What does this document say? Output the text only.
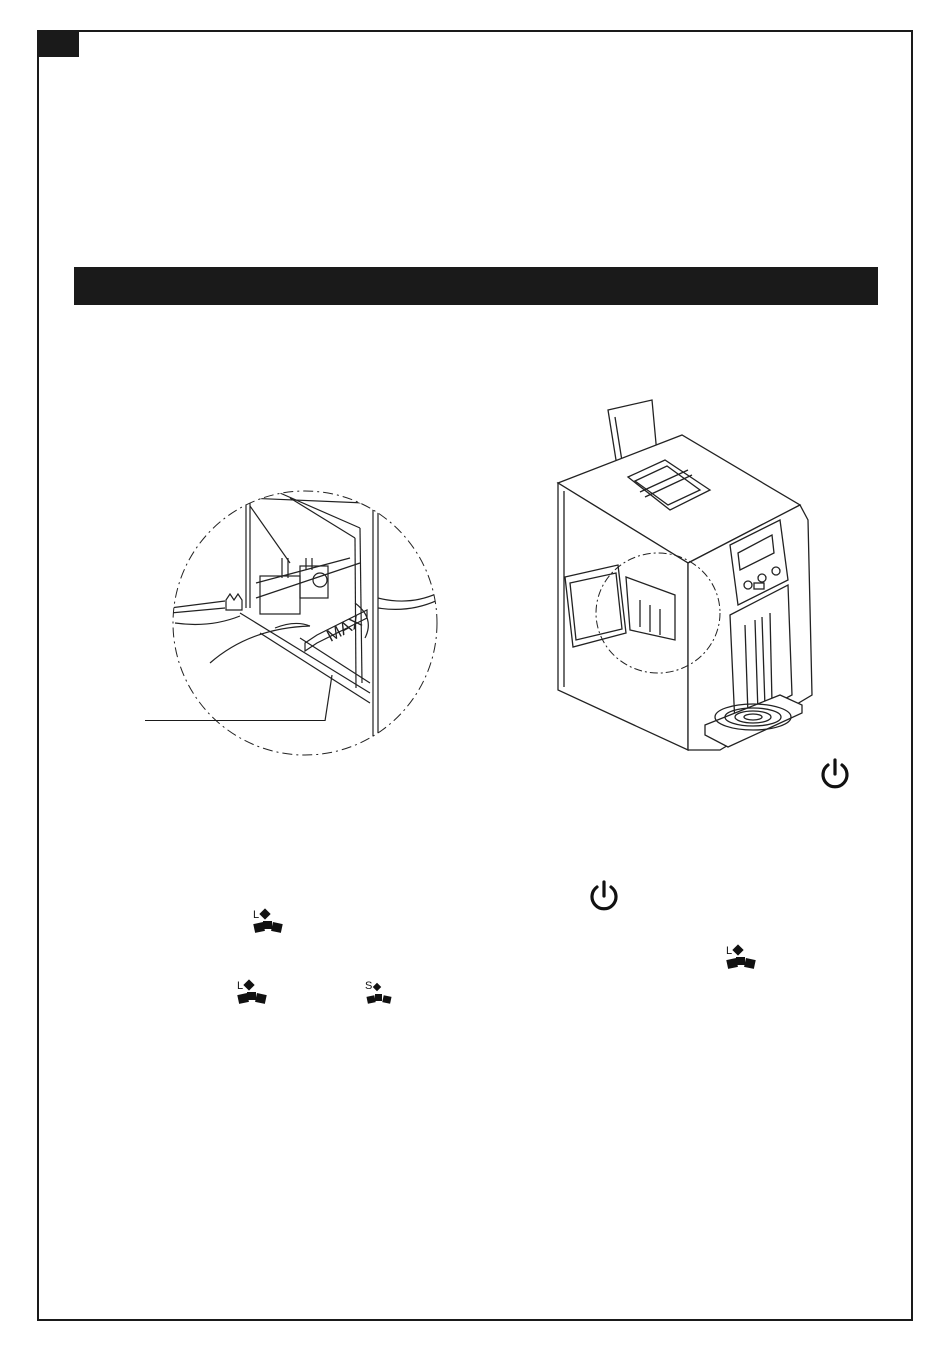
MAX
L
L
L	S
